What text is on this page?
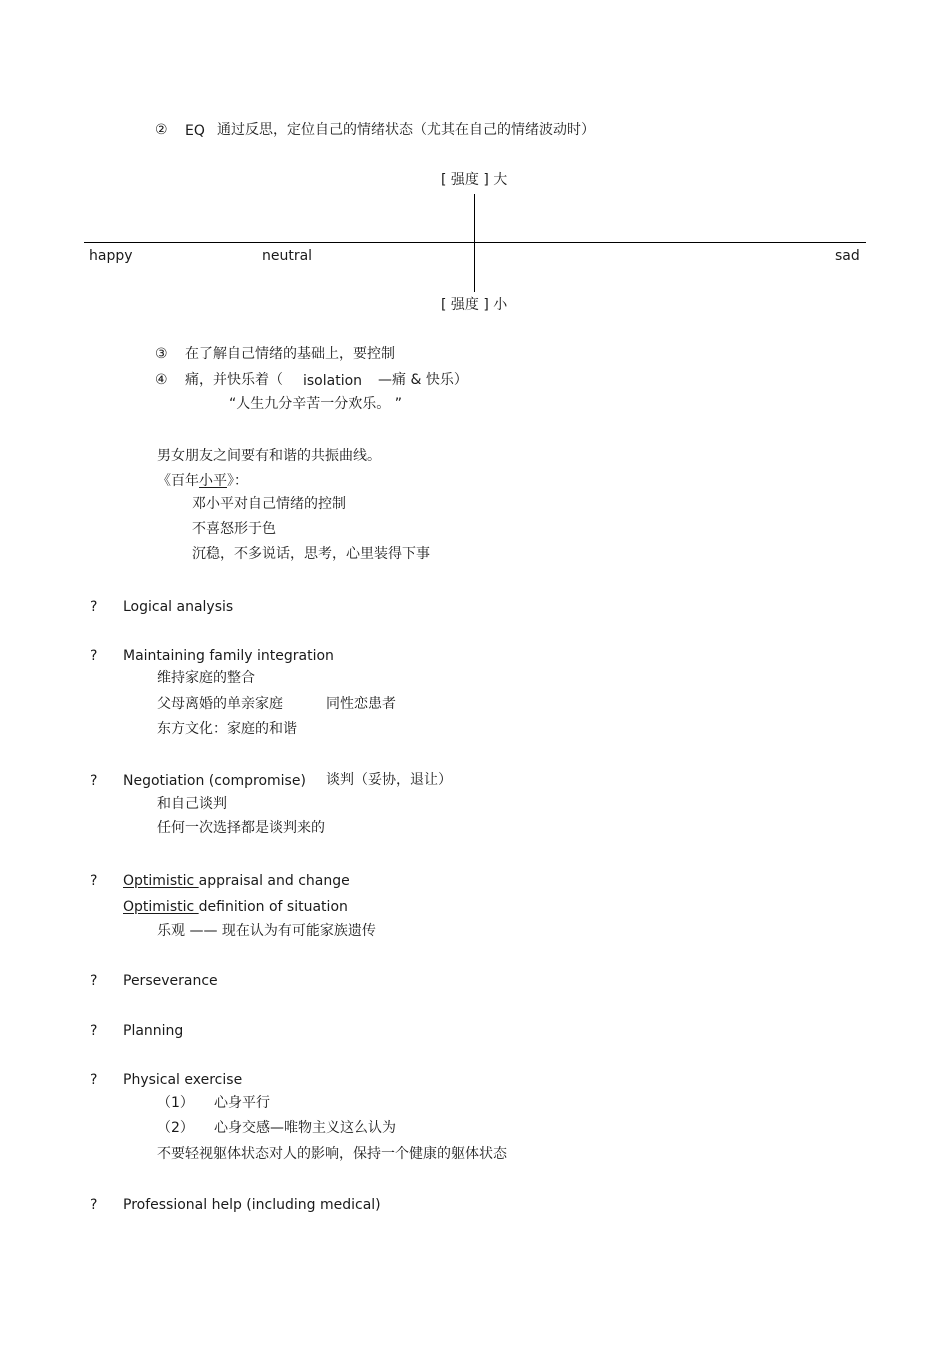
② EQ 通过反思，定位自己的情绪状态（尤其在自己的情绪波动时）
[ 强度 ] 大
happy	neutral	sad
[ 强度 ] 小
③ 在了解自己情绪的基础上，要控制
④ 痛，并快乐着（ isolation —痛 & 快乐）
“人生九分辛苦一分欢乐。 ”
男女朋友之间要有和谐的共振曲线。
《百年小平》：
邓小平对自己情绪的控制
不喜怒形于色
沉稳，不多说话，思考，心里装得下事
? Logical analysis
? Maintaining family integration
维持家庭的整合
父母离婚的单亲家庭	同性恋患者
东方文化：家庭的和谐
? Negotiation (compromise) 谈判（妥协，退让）
和自己谈判
任何一次选择都是谈判来的
? Optimistic appraisal and change
Optimistic definition of situation
乐观 —— 现在认为有可能家族遗传
? Perseverance
? Planning
? Physical exercise
（1） 心身平行
（2） 心身交感—唯物主义这么认为
不要轻视躯体状态对人的影响，保持一个健康的躯体状态
? Professional help (including medical)
